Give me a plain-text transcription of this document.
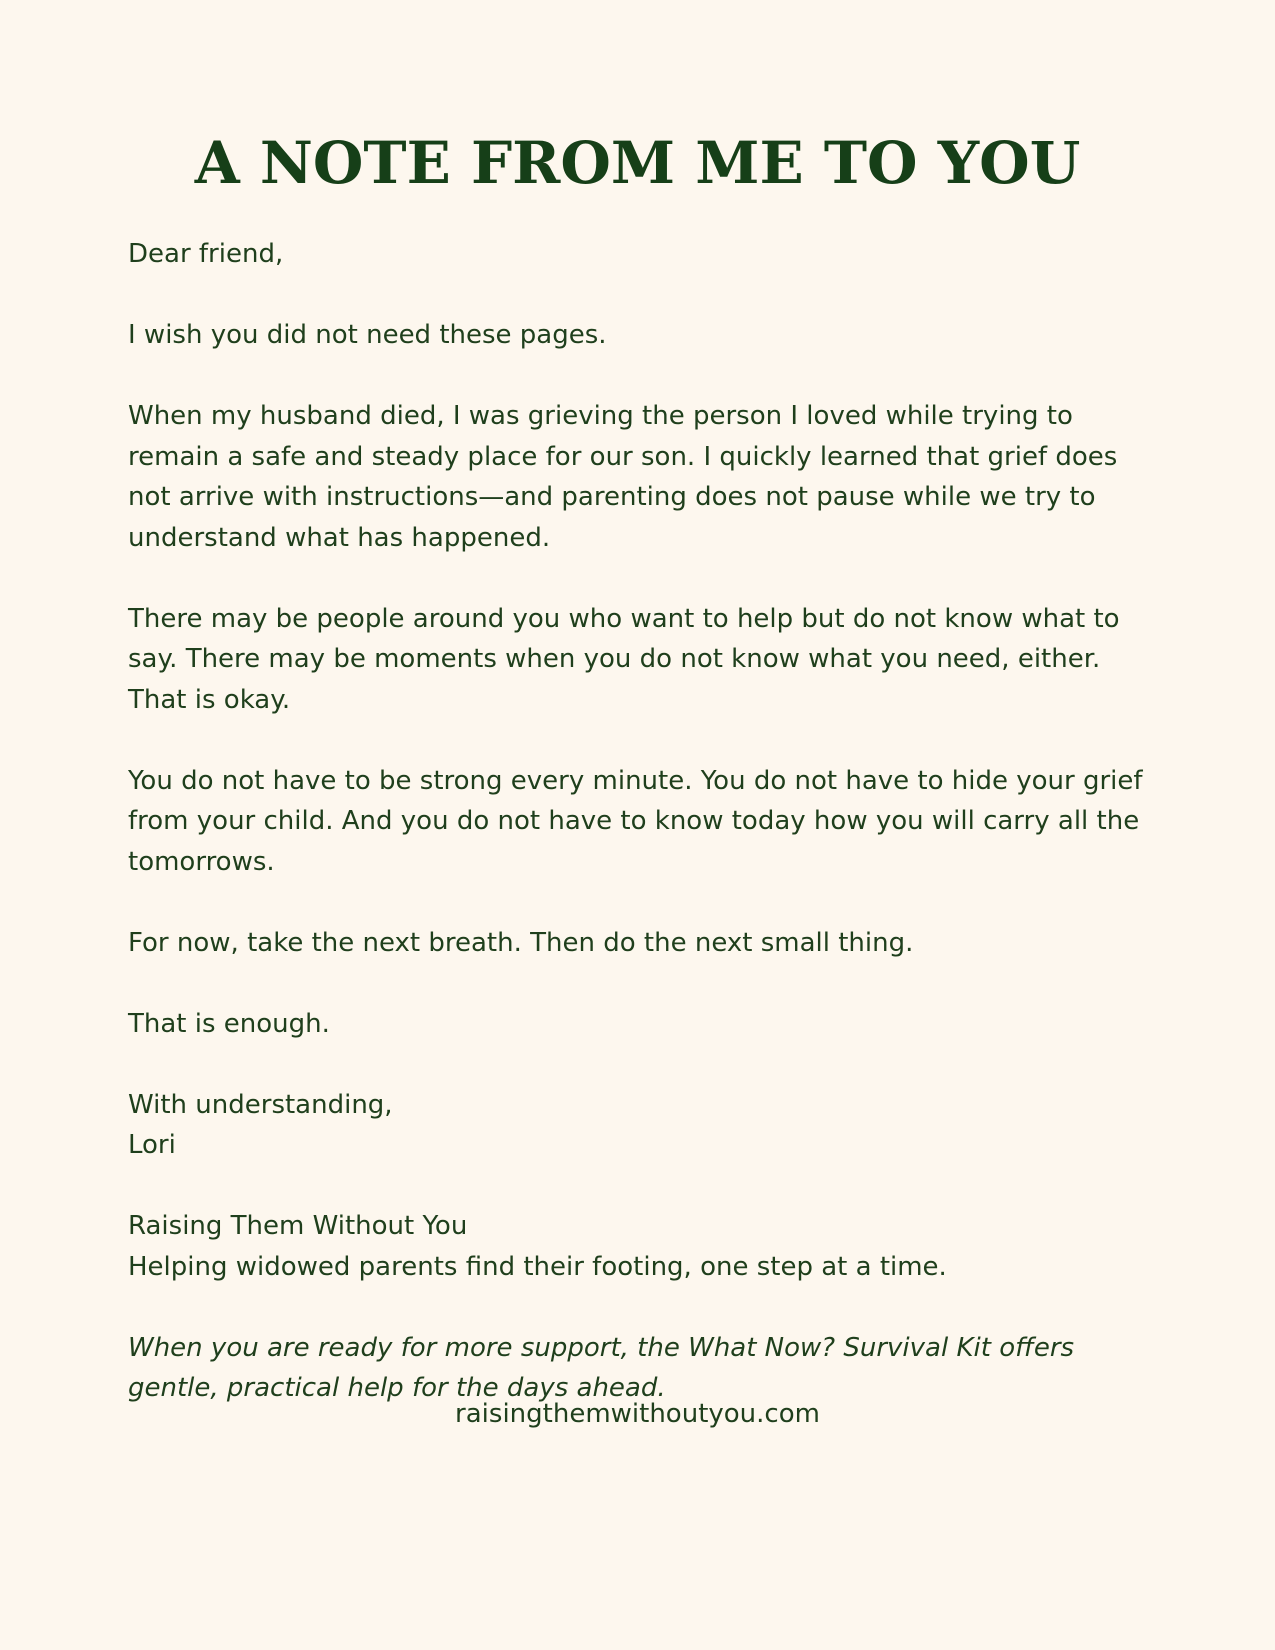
A NOTE FROM ME TO YOU

Dear friend,

I wish you did not need these pages.

When my husband died, I was grieving the person I loved while trying to remain a safe and steady place for our son. I quickly learned that grief does not arrive with instructions—and parenting does not pause while we try to understand what has happened.

There may be people around you who want to help but do not know what to say. There may be moments when you do not know what you need, either. That is okay.

You do not have to be strong every minute. You do not have to hide your grief from your child. And you do not have to know today how you will carry all the tomorrows.

For now, take the next breath. Then do the next small thing.

That is enough.

With understanding,
Lori
Raising Them Without You
Helping widowed parents find their footing, one step at a time.

When you are ready for more support, the What Now? Survival Kit offers gentle, practical help for the days ahead.

raisingthemwithoutyou.com
